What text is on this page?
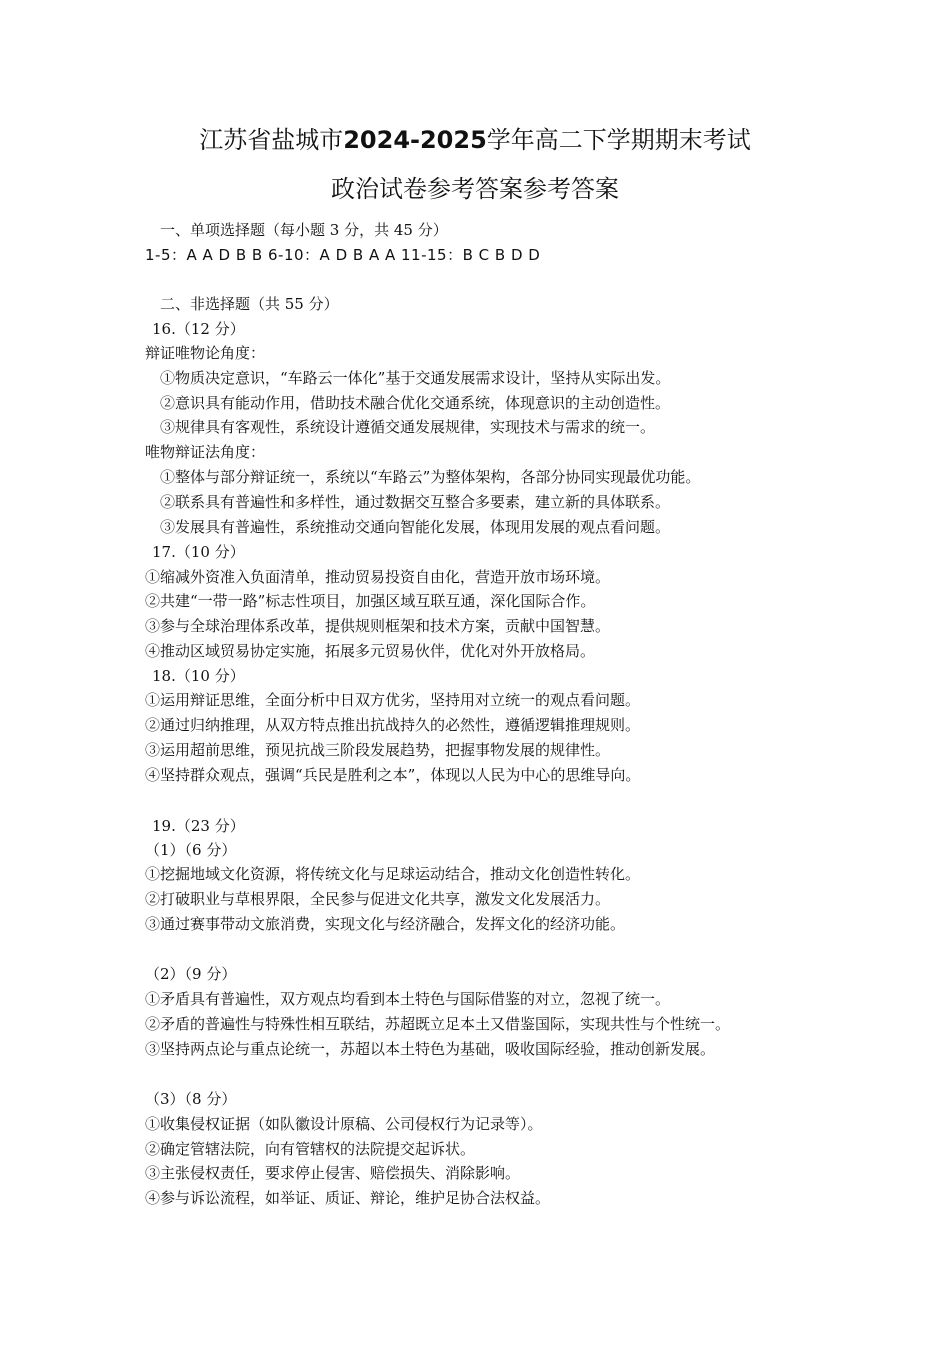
江苏省盐城市2024-2025学年高二下学期期末考试
政治试卷参考答案参考答案
一、单项选择题（每小题 3 分，共 45 分）
1-5：A A D B B 6-10：A D B A A 11-15：B C B D D
二、非选择题（共 55 分）
16.（12 分）
辩证唯物论角度：
①物质决定意识，“车路云一体化”基于交通发展需求设计，坚持从实际出发。
②意识具有能动作用，借助技术融合优化交通系统，体现意识的主动创造性。
③规律具有客观性，系统设计遵循交通发展规律，实现技术与需求的统一。
唯物辩证法角度：
①整体与部分辩证统一，系统以“车路云”为整体架构，各部分协同实现最优功能。
②联系具有普遍性和多样性，通过数据交互整合多要素，建立新的具体联系。
③发展具有普遍性，系统推动交通向智能化发展，体现用发展的观点看问题。
17.（10 分）
①缩减外资准入负面清单，推动贸易投资自由化，营造开放市场环境。
②共建“一带一路”标志性项目，加强区域互联互通，深化国际合作。
③参与全球治理体系改革，提供规则框架和技术方案，贡献中国智慧。
④推动区域贸易协定实施，拓展多元贸易伙伴，优化对外开放格局。
18.（10 分）
①运用辩证思维，全面分析中日双方优劣，坚持用对立统一的观点看问题。
②通过归纳推理，从双方特点推出抗战持久的必然性，遵循逻辑推理规则。
③运用超前思维，预见抗战三阶段发展趋势，把握事物发展的规律性。
④坚持群众观点，强调“兵民是胜利之本”，体现以人民为中心的思维导向。
19.（23 分）
（1）（6 分）
①挖掘地域文化资源，将传统文化与足球运动结合，推动文化创造性转化。
②打破职业与草根界限，全民参与促进文化共享，激发文化发展活力。
③通过赛事带动文旅消费，实现文化与经济融合，发挥文化的经济功能。
（2）（9 分）
①矛盾具有普遍性，双方观点均看到本土特色与国际借鉴的对立，忽视了统一。
②矛盾的普遍性与特殊性相互联结，苏超既立足本土又借鉴国际，实现共性与个性统一。
③坚持两点论与重点论统一，苏超以本土特色为基础，吸收国际经验，推动创新发展。
（3）（8 分）
①收集侵权证据（如队徽设计原稿、公司侵权行为记录等）。
②确定管辖法院，向有管辖权的法院提交起诉状。
③主张侵权责任，要求停止侵害、赔偿损失、消除影响。
④参与诉讼流程，如举证、质证、辩论，维护足协合法权益。
